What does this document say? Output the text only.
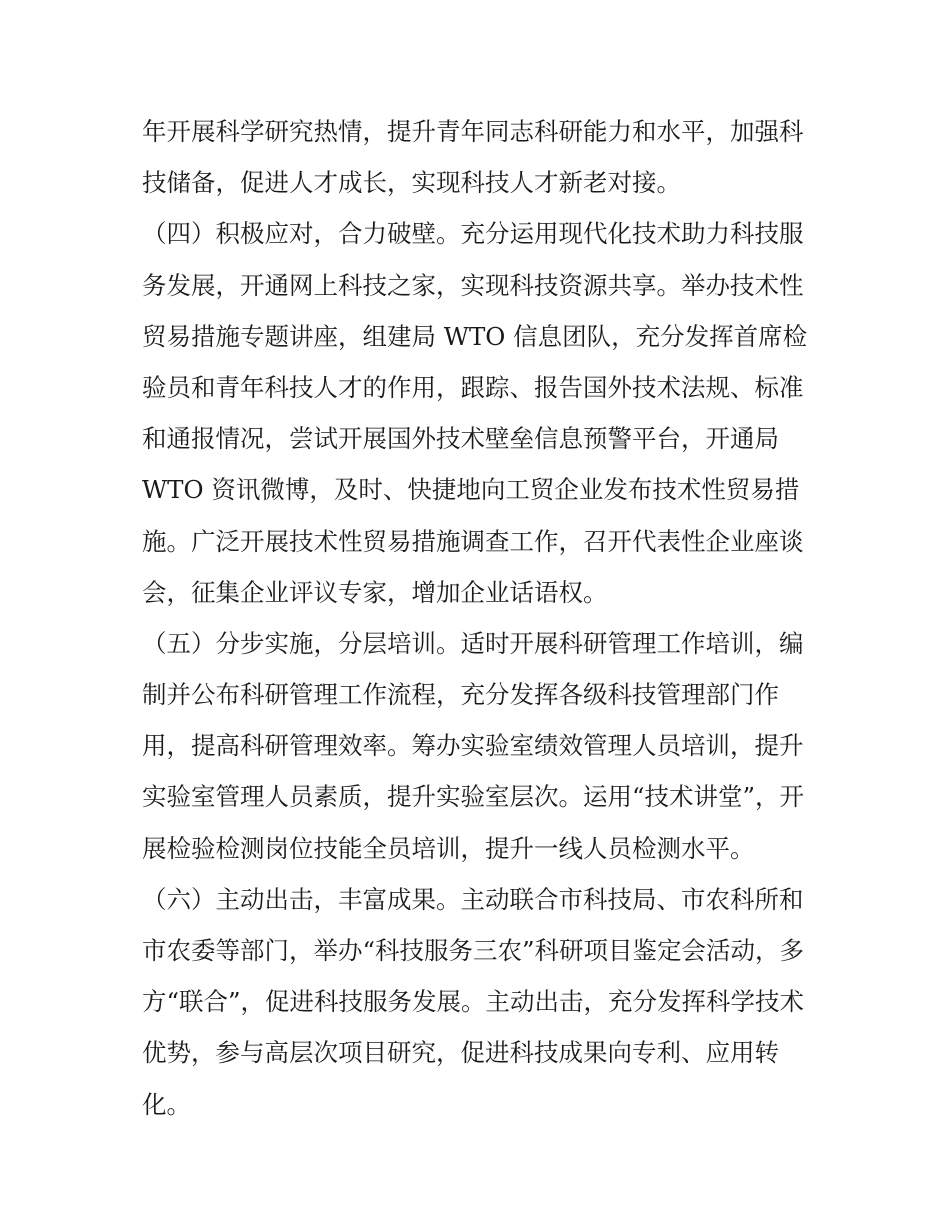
年开展科学研究热情，提升青年同志科研能力和水平，加强科
技储备，促进人才成长，实现科技人才新老对接。
（四）积极应对，合力破壁。充分运用现代化技术助力科技服
务发展，开通网上科技之家，实现科技资源共享。举办技术性
贸易措施专题讲座，组建局 WTO 信息团队，充分发挥首席检
验员和青年科技人才的作用，跟踪、报告国外技术法规、标准
和通报情况，尝试开展国外技术壁垒信息预警平台，开通局
WTO 资讯微博，及时、快捷地向工贸企业发布技术性贸易措
施。广泛开展技术性贸易措施调查工作，召开代表性企业座谈
会，征集企业评议专家，增加企业话语权。
（五）分步实施，分层培训。适时开展科研管理工作培训，编
制并公布科研管理工作流程，充分发挥各级科技管理部门作
用，提高科研管理效率。筹办实验室绩效管理人员培训，提升
实验室管理人员素质，提升实验室层次。运用“技术讲堂”，开
展检验检测岗位技能全员培训，提升一线人员检测水平。
（六）主动出击，丰富成果。主动联合市科技局、市农科所和
市农委等部门，举办“科技服务三农”科研项目鉴定会活动，多
方“联合”，促进科技服务发展。主动出击，充分发挥科学技术
优势，参与高层次项目研究，促进科技成果向专利、应用转
化。
